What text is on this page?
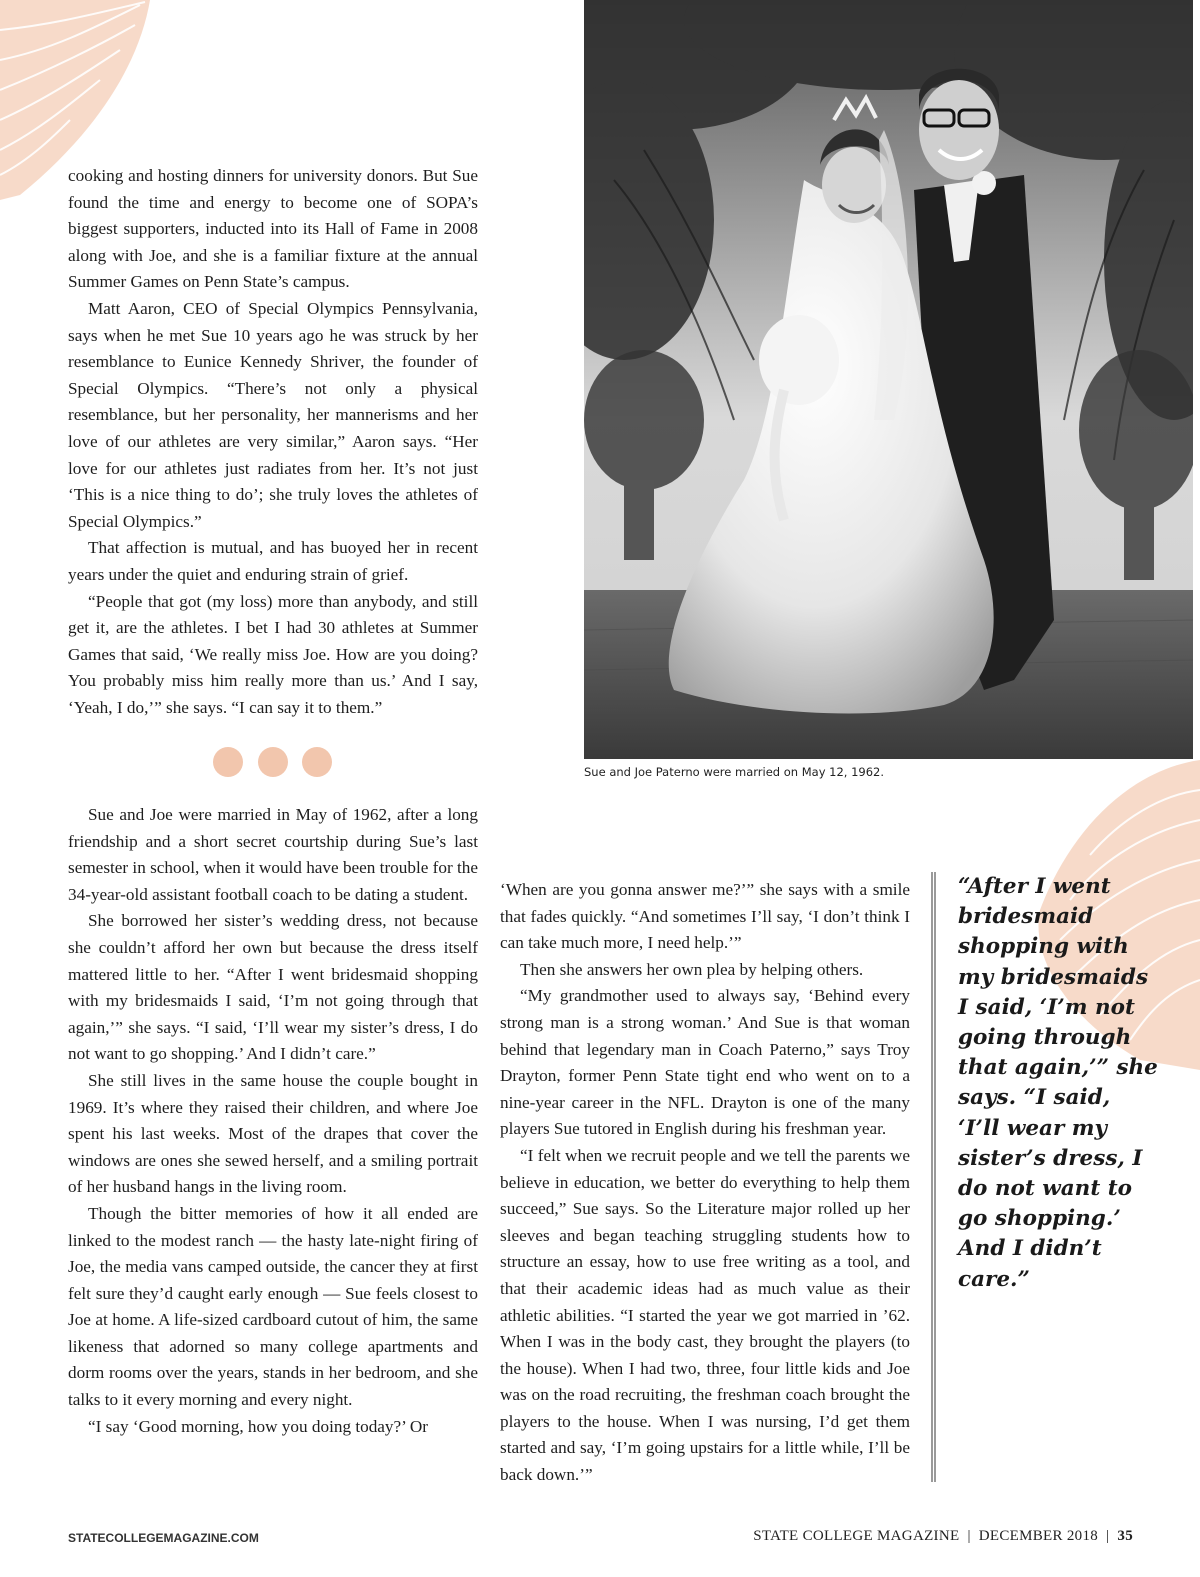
cooking and hosting dinners for university donors. But Sue found the time and energy to become one of SOPA’s biggest supporters, inducted into its Hall of Fame in 2008 along with Joe, and she is a familiar fixture at the annual Summer Games on Penn State’s campus.

Matt Aaron, CEO of Special Olympics Pennsylvania, says when he met Sue 10 years ago he was struck by her resemblance to Eunice Kennedy Shriver, the founder of Special Olympics. “There’s not only a physical resemblance, but her personality, her mannerisms and her love of our athletes are very similar,” Aaron says. “Her love for our athletes just radiates from her. It’s not just ‘This is a nice thing to do’; she truly loves the athletes of Special Olympics.”

That affection is mutual, and has buoyed her in recent years under the quiet and enduring strain of grief.

“People that got (my loss) more than anybody, and still get it, are the athletes. I bet I had 30 athletes at Summer Games that said, ‘We really miss Joe. How are you doing? You probably miss him really more than us.’ And I say, ‘Yeah, I do,’” she says. “I can say it to them.”

Sue and Joe were married in May of 1962, after a long friendship and a short secret courtship during Sue’s last semester in school, when it would have been trouble for the 34-year-old assistant football coach to be dating a student.

She borrowed her sister’s wedding dress, not because she couldn’t afford her own but because the dress itself mattered little to her. “After I went bridesmaid shopping with my bridesmaids I said, ‘I’m not going through that again,’” she says. “I said, ‘I’ll wear my sister’s dress, I do not want to go shopping.’ And I didn’t care.”

She still lives in the same house the couple bought in 1969. It’s where they raised their children, and where Joe spent his last weeks. Most of the drapes that cover the windows are ones she sewed herself, and a smiling portrait of her husband hangs in the living room.

Though the bitter memories of how it all ended are linked to the modest ranch — the hasty late-night firing of Joe, the media vans camped outside, the cancer they at first felt sure they’d caught early enough — Sue feels closest to Joe at home. A life-sized cardboard cutout of him, the same likeness that adorned so many college apartments and dorm rooms over the years, stands in her bedroom, and she talks to it every morning and every night.

“I say ‘Good morning, how you doing today?’ Or

‘When are you gonna answer me?’” she says with a smile that fades quickly. “And sometimes I’ll say, ‘I don’t think I can take much more, I need help.’”

Then she answers her own plea by helping others.

“My grandmother used to always say, ‘Behind every strong man is a strong woman.’ And Sue is that woman behind that legendary man in Coach Paterno,” says Troy Drayton, former Penn State tight end who went on to a nine-year career in the NFL. Drayton is one of the many players Sue tutored in English during his freshman year.

“I felt when we recruit people and we tell the parents we believe in education, we better do everything to help them succeed,” Sue says. So the Literature major rolled up her sleeves and began teaching struggling students how to structure an essay, how to use free writing as a tool, and that their academic ideas had as much value as their athletic abilities. “I started the year we got married in ’62. When I was in the body cast, they brought the players (to the house). When I had two, three, four little kids and Joe was on the road recruiting, the freshman coach brought the players to the house. When I was nursing, I’d get them started and say, ‘I’m going upstairs for a little while, I’ll be back down.’”

Sue and Joe Paterno were married on May 12, 1962.
“After I went bridesmaid shopping with my bridesmaids I said, ‘I’m not going through that again,’” she says. “I said, ‘I’ll wear my sister’s dress, I do not want to go shopping.’ And I didn’t care.”
STATECOLLEGEMAGAZINE.COM	STATE COLLEGE MAGAZINE | DECEMBER 2018 | 35
